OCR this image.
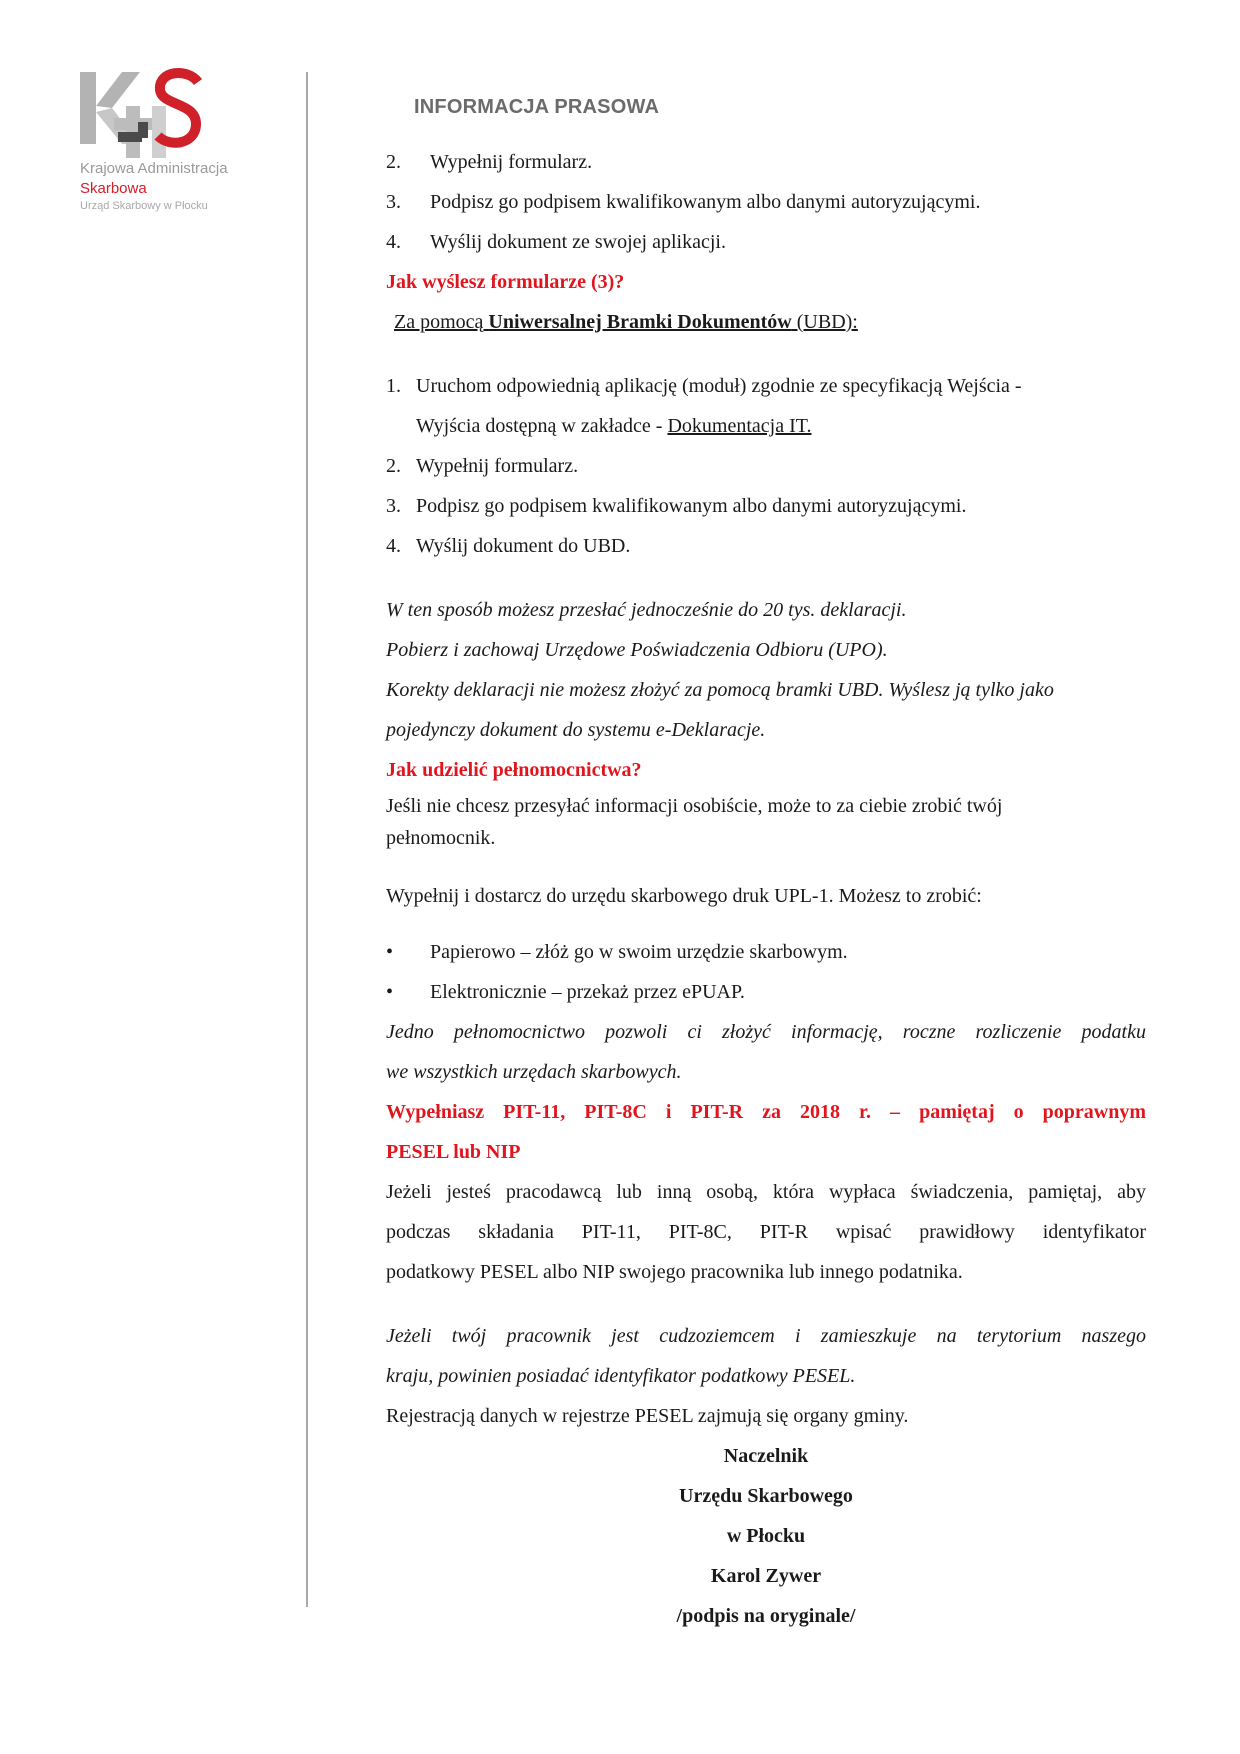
Krajowa Administracja
Skarbowa
Urząd Skarbowy w Płocku
INFORMACJA PRASOWA
2. Wypełnij formularz.
3. Podpisz go podpisem kwalifikowanym albo danymi autoryzującymi.
4. Wyślij dokument ze swojej aplikacji.
Jak wyślesz formularze (3)?
Za pomocą Uniwersalnej Bramki Dokumentów (UBD):
1. Uruchom odpowiednią aplikację (moduł) zgodnie ze specyfikacją Wejścia -
Wyjścia dostępną w zakładce - Dokumentacja IT.
2. Wypełnij formularz.
3. Podpisz go podpisem kwalifikowanym albo danymi autoryzującymi.
4. Wyślij dokument do UBD.
W ten sposób możesz przesłać jednocześnie do 20 tys. deklaracji.
Pobierz i zachowaj Urzędowe Poświadczenia Odbioru (UPO).
Korekty deklaracji nie możesz złożyć za pomocą bramki UBD. Wyślesz ją tylko jako
pojedynczy dokument do systemu e-Deklaracje.
Jak udzielić pełnomocnictwa?
Jeśli nie chcesz przesyłać informacji osobiście, może to za ciebie zrobić twój
pełnomocnik.
Wypełnij i dostarcz do urzędu skarbowego druk UPL-1. Możesz to zrobić:
• Papierowo – złóż go w swoim urzędzie skarbowym.
• Elektronicznie – przekaż przez ePUAP.
Jedno pełnomocnictwo pozwoli ci złożyć informację, roczne rozliczenie podatku
we wszystkich urzędach skarbowych.
Wypełniasz PIT-11, PIT-8C i PIT-R za 2018 r. – pamiętaj o poprawnym
PESEL lub NIP
Jeżeli jesteś pracodawcą lub inną osobą, która wypłaca świadczenia, pamiętaj, aby
podczas składania PIT-11, PIT-8C, PIT-R wpisać prawidłowy identyfikator
podatkowy PESEL albo NIP swojego pracownika lub innego podatnika.
Jeżeli twój pracownik jest cudzoziemcem i zamieszkuje na terytorium naszego
kraju, powinien posiadać identyfikator podatkowy PESEL.
Rejestracją danych w rejestrze PESEL zajmują się organy gminy.
Naczelnik
Urzędu Skarbowego
w Płocku
Karol Zywer
/podpis na oryginale/
